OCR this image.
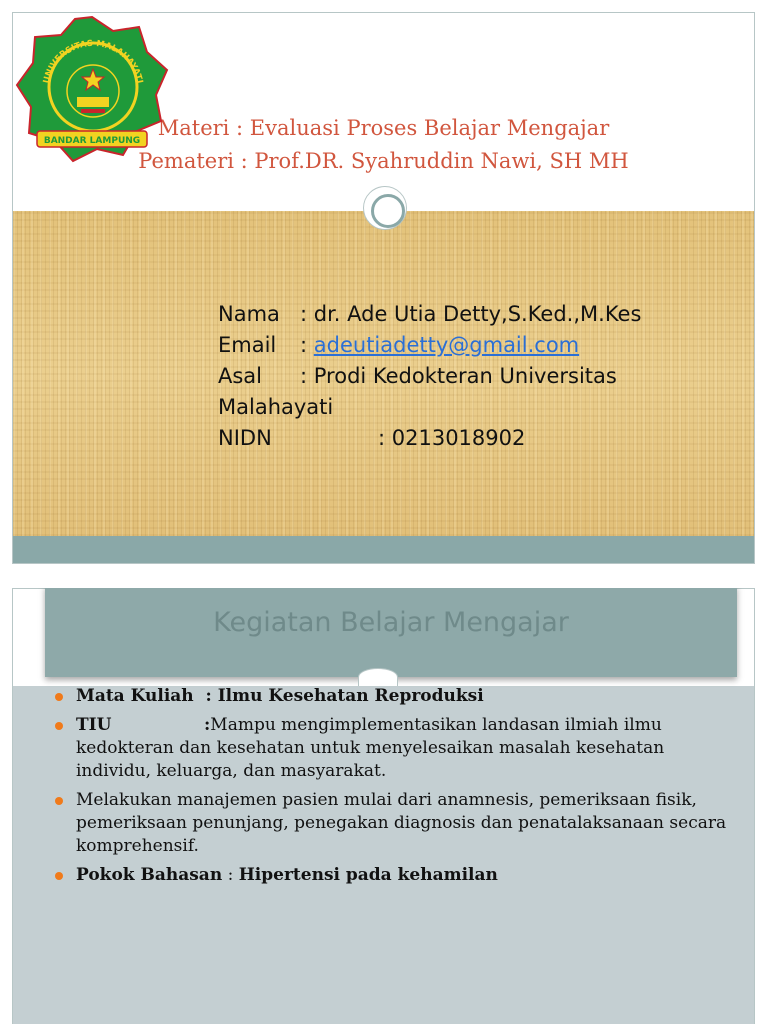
Materi : Evaluasi Proses Belajar Mengajar
Pemateri : Prof.DR. Syahruddin Nawi, SH MH
Nama : dr. Ade Utia Detty,S.Ked.,M.Kes
Email : adeutiadetty@gmail.com
Asal : Prodi Kedokteran Universitas
Malahayati
NIDN	: 0213018902
UNIVERSITAS MALAHAYATI
BANDAR LAMPUNG
Kegiatan Belajar Mengajar
Mata Kuliah  : Ilmu Kesehatan Reproduksi
TIU	:Mampu mengimplementasikan landasan ilmiah ilmu kedokteran dan kesehatan untuk menyelesaikan masalah kesehatan individu, keluarga, dan masyarakat.
Melakukan manajemen pasien mulai dari anamnesis, pemeriksaan fisik, pemeriksaan penunjang, penegakan diagnosis dan penatalaksanaan secara komprehensif.
Pokok Bahasan : Hipertensi pada kehamilan
